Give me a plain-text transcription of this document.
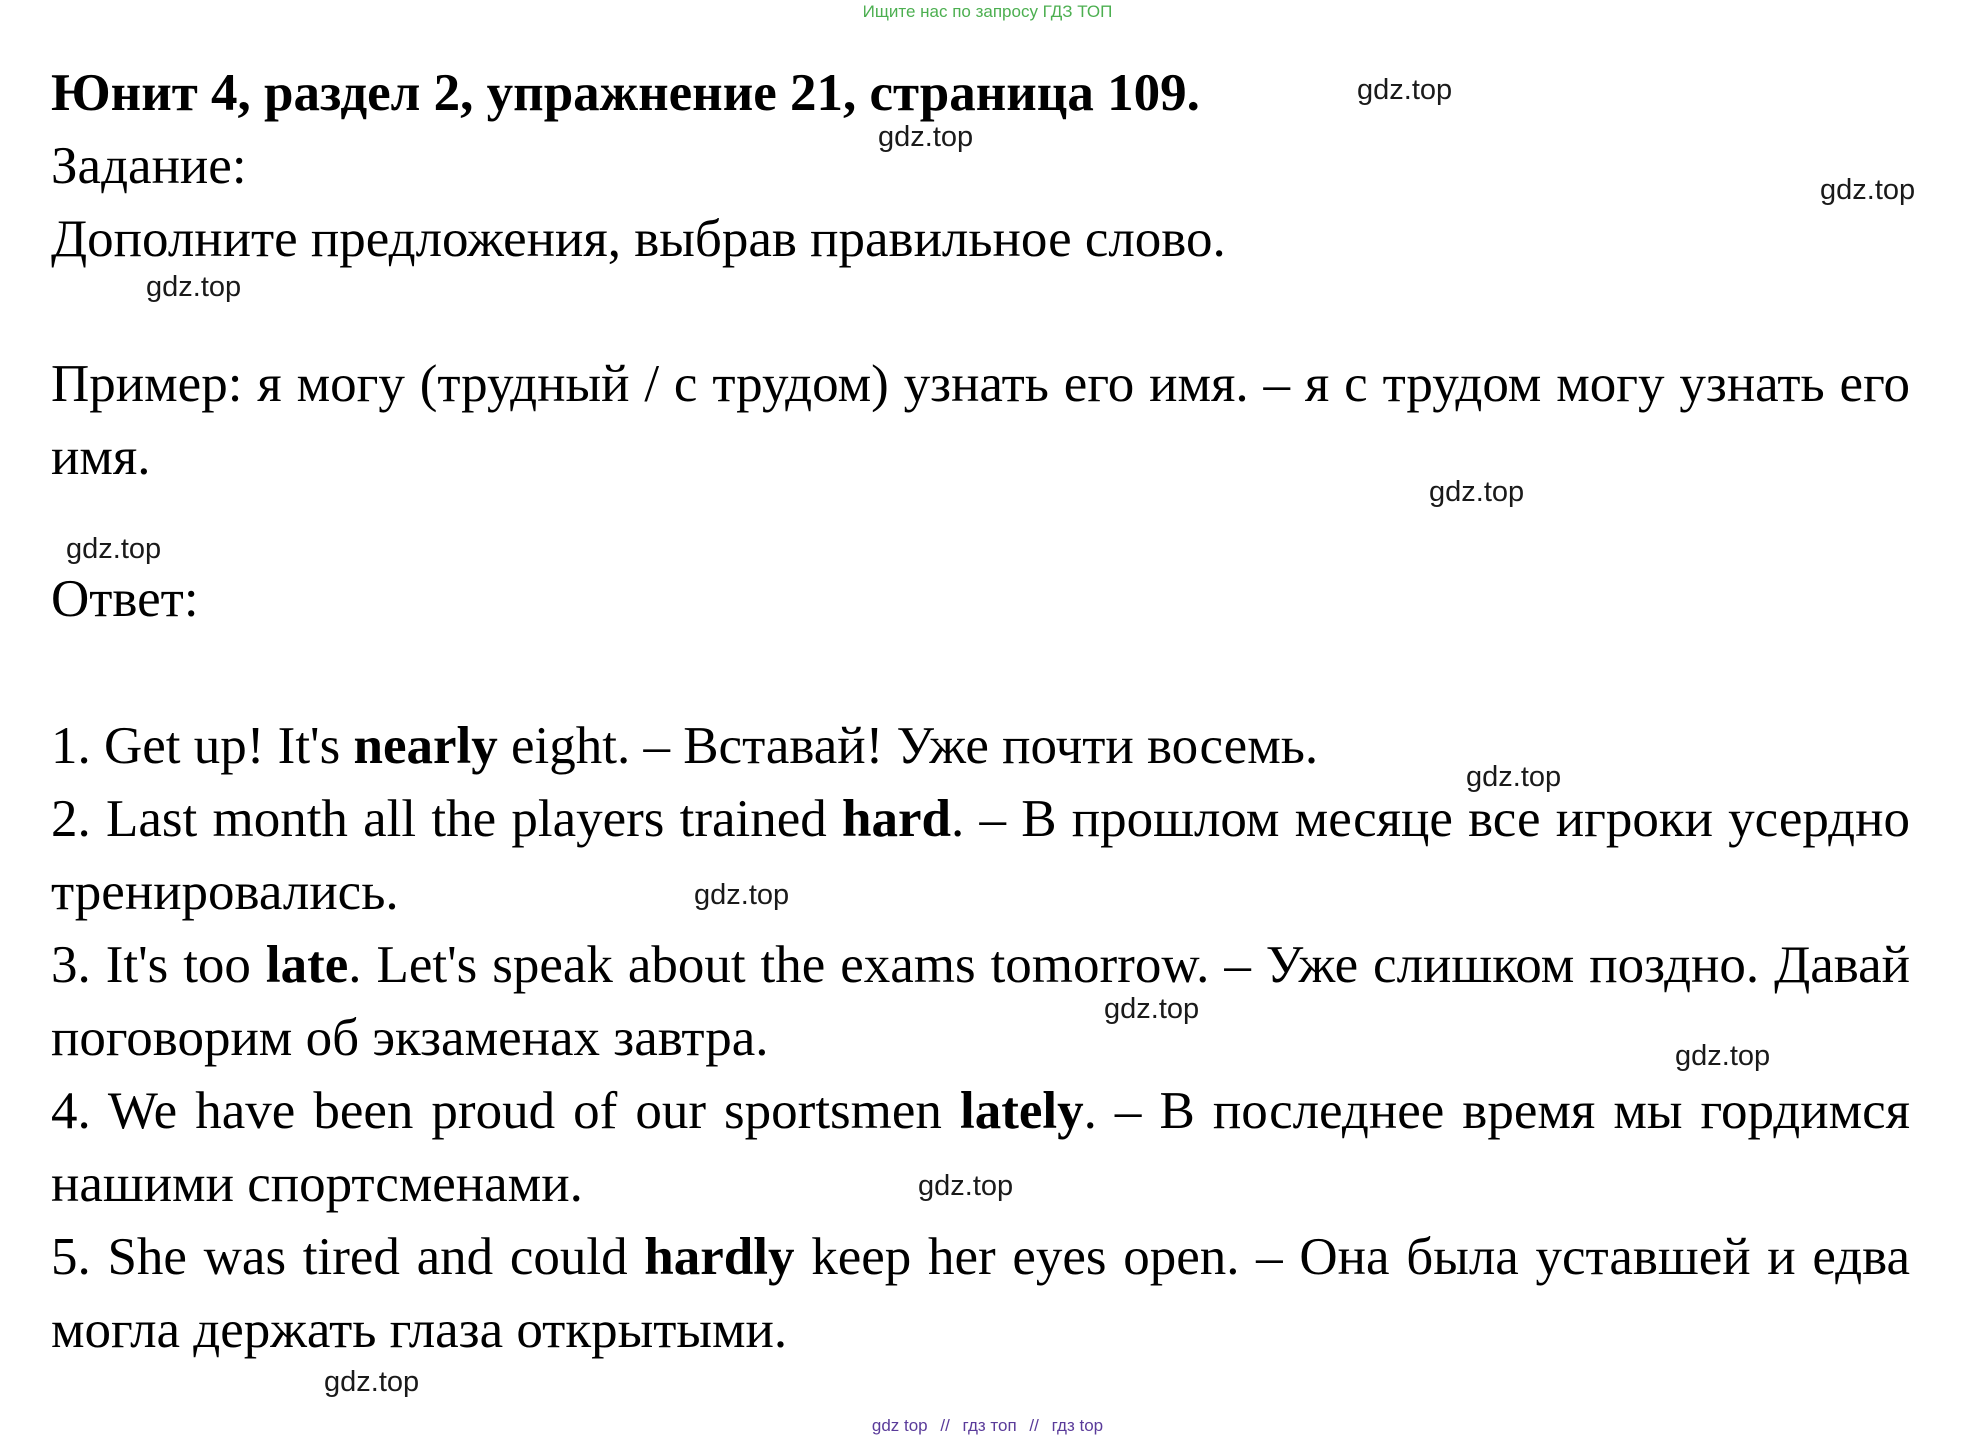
Ищите нас по запросу ГДЗ ТОП
Юнит 4, раздел 2, упражнение 21, страница 109.

Задание:

Дополните предложения, выбрав правильное слово.

Пример: я могу (трудный / с трудом) узнать его имя. – я с трудом могу узнать его имя.

Ответ:

1. Get up! It's nearly eight. – Вставай! Уже почти восемь.

2. Last month all the players trained hard. – В прошлом месяце все игроки усердно тренировались.

3. It's too late. Let's speak about the exams tomorrow. – Уже слишком поздно. Давай поговорим об экзаменах завтра.

4. We have been proud of our sportsmen lately. – В последнее время мы гордимся нашими спортсменами.

5. She was tired and could hardly keep her eyes open. – Она была уставшей и едва могла держать глаза открытыми.

gdz.top
gdz.top
gdz.top
gdz.top
gdz.top
gdz.top
gdz.top
gdz.top
gdz.top
gdz.top
gdz.top
gdz.top
gdz top // гдз топ // гдз top
